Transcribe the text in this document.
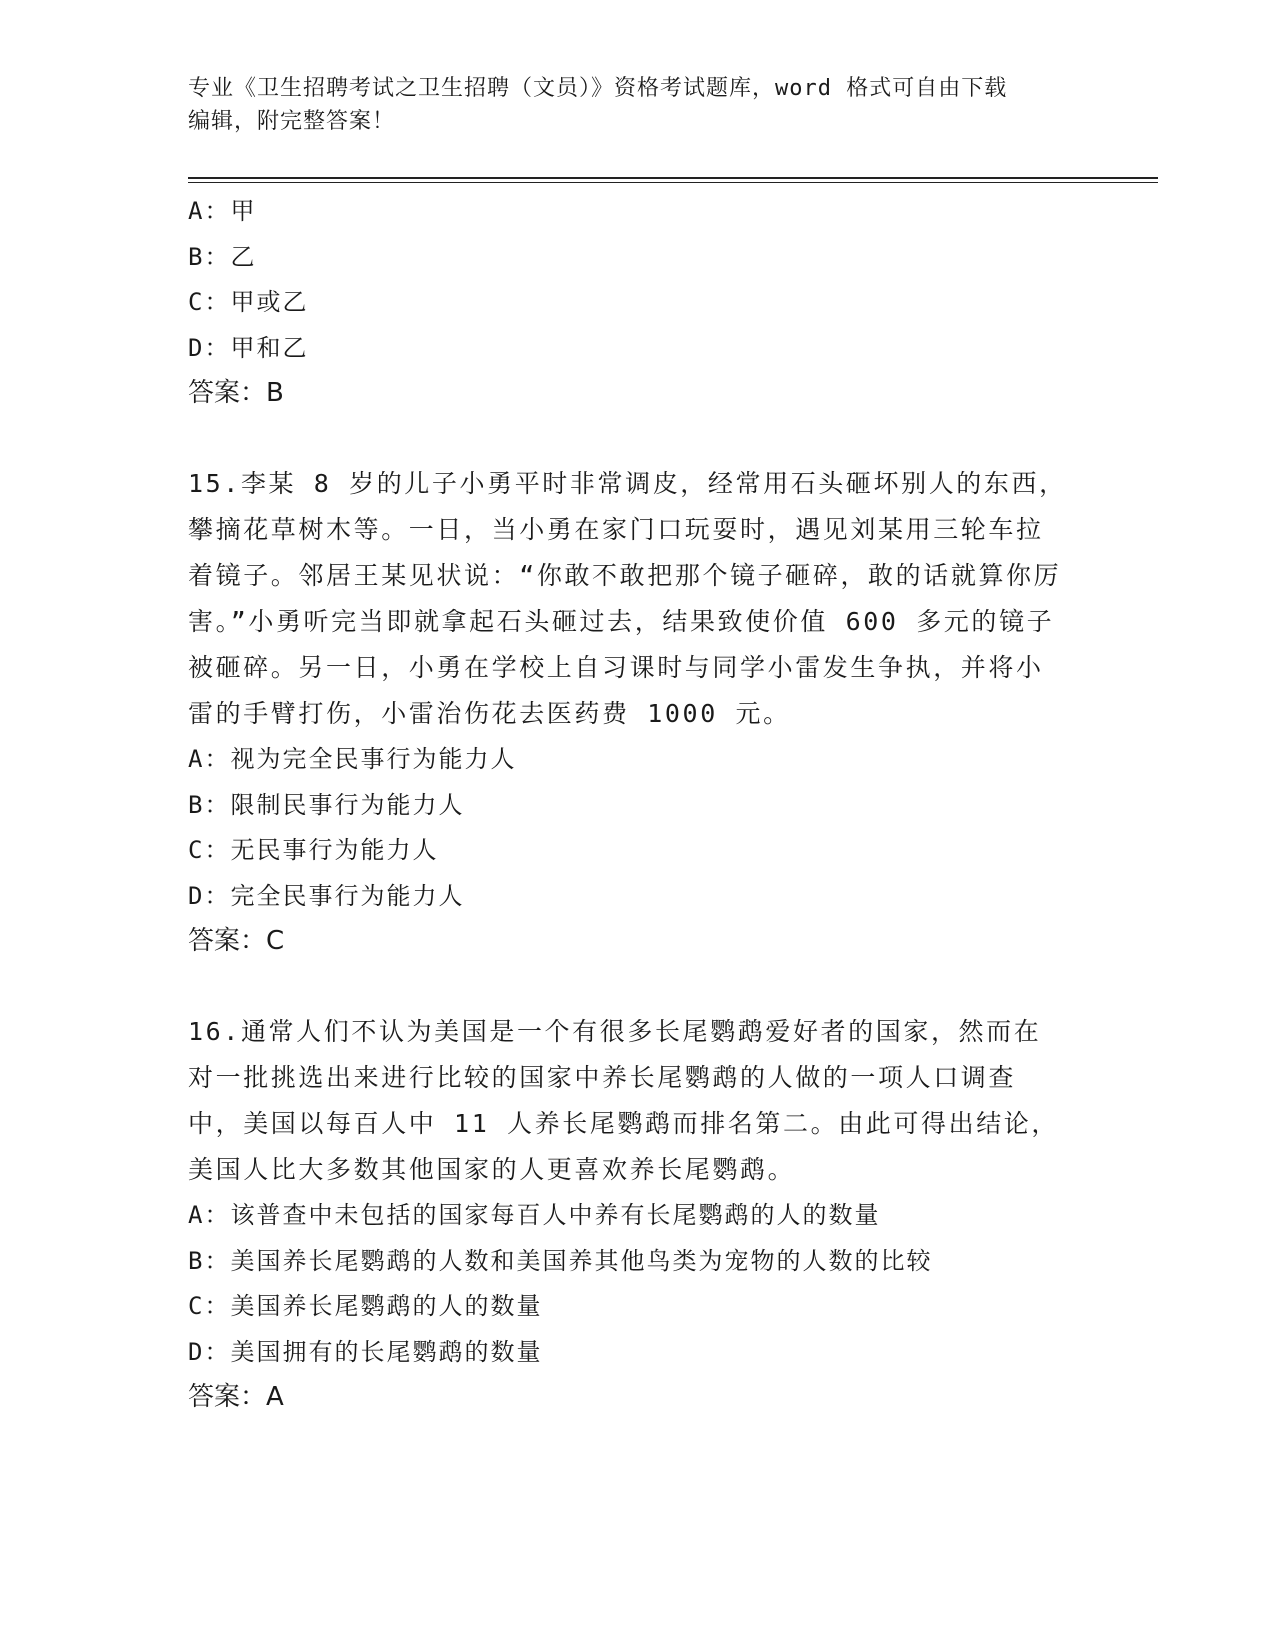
专业《卫生招聘考试之卫生招聘（文员）》资格考试题库，word 格式可自由下载
编辑，附完整答案！
A：甲
B：乙
C：甲或乙
D：甲和乙
答案：B

15.李某 8 岁的儿子小勇平时非常调皮，经常用石头砸坏别人的东西，攀摘花草树木等。一日，当小勇在家门口玩耍时，遇见刘某用三轮车拉着镜子。邻居王某见状说：“你敢不敢把那个镜子砸碎，敢的话就算你厉害。”小勇听完当即就拿起石头砸过去，结果致使价值 600 多元的镜子被砸碎。另一日，小勇在学校上自习课时与同学小雷发生争执，并将小雷的手臂打伤，小雷治伤花去医药费 1000 元。

A：视为完全民事行为能力人
B：限制民事行为能力人
C：无民事行为能力人
D：完全民事行为能力人
答案：C

16.通常人们不认为美国是一个有很多长尾鹦鹉爱好者的国家，然而在对一批挑选出来进行比较的国家中养长尾鹦鹉的人做的一项人口调查中，美国以每百人中 11 人养长尾鹦鹉而排名第二。由此可得出结论，美国人比大多数其他国家的人更喜欢养长尾鹦鹉。

A：该普查中未包括的国家每百人中养有长尾鹦鹉的人的数量
B：美国养长尾鹦鹉的人数和美国养其他鸟类为宠物的人数的比较
C：美国养长尾鹦鹉的人的数量
D：美国拥有的长尾鹦鹉的数量
答案：A
